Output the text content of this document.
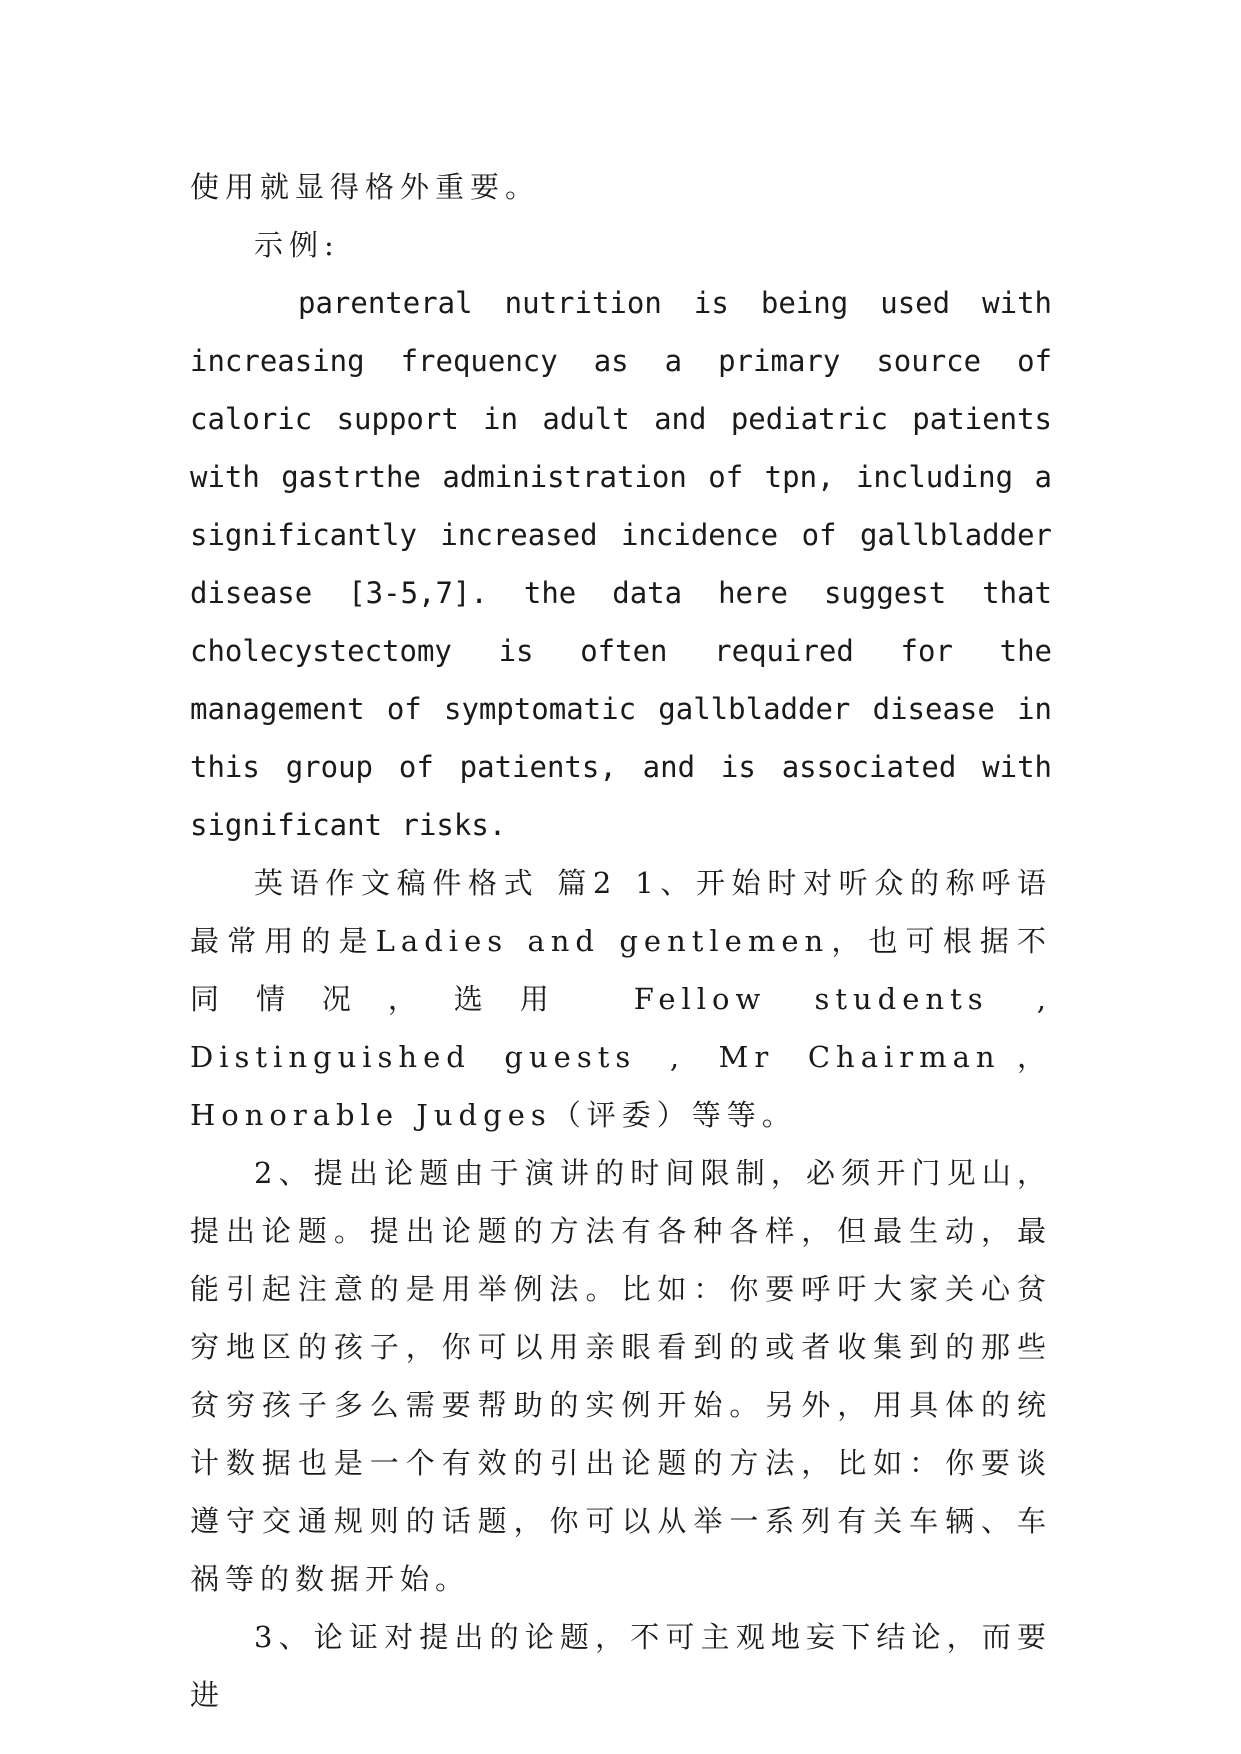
使用就显得格外重要。

示例:

parenteral nutrition is being used with increasing frequency as a primary source of caloric support in adult and pediatric patients with gastrthe administration of tpn, including a significantly increased incidence of gallbladder disease [3-5,7]. the data here suggest that cholecystectomy is often required for the management of symptomatic gallbladder disease in this group of patients, and is associated with significant risks.

英语作文稿件格式 篇2 1、开始时对听众的称呼语最常用的是Ladies and gentlemen，也可根据不同情况，选用 Fellow students , Distinguished guests , Mr Chairman，Honorable Judges（评委）等等。

2、提出论题由于演讲的时间限制，必须开门见山，提出论题。提出论题的方法有各种各样，但最生动，最能引起注意的是用举例法。比如：你要呼吁大家关心贫穷地区的孩子，你可以用亲眼看到的或者收集到的那些贫穷孩子多么需要帮助的实例开始。另外，用具体的统计数据也是一个有效的引出论题的方法，比如：你要谈遵守交通规则的话题，你可以从举一系列有关车辆、车祸等的数据开始。

3、论证对提出的论题，不可主观地妄下结论，而要进
